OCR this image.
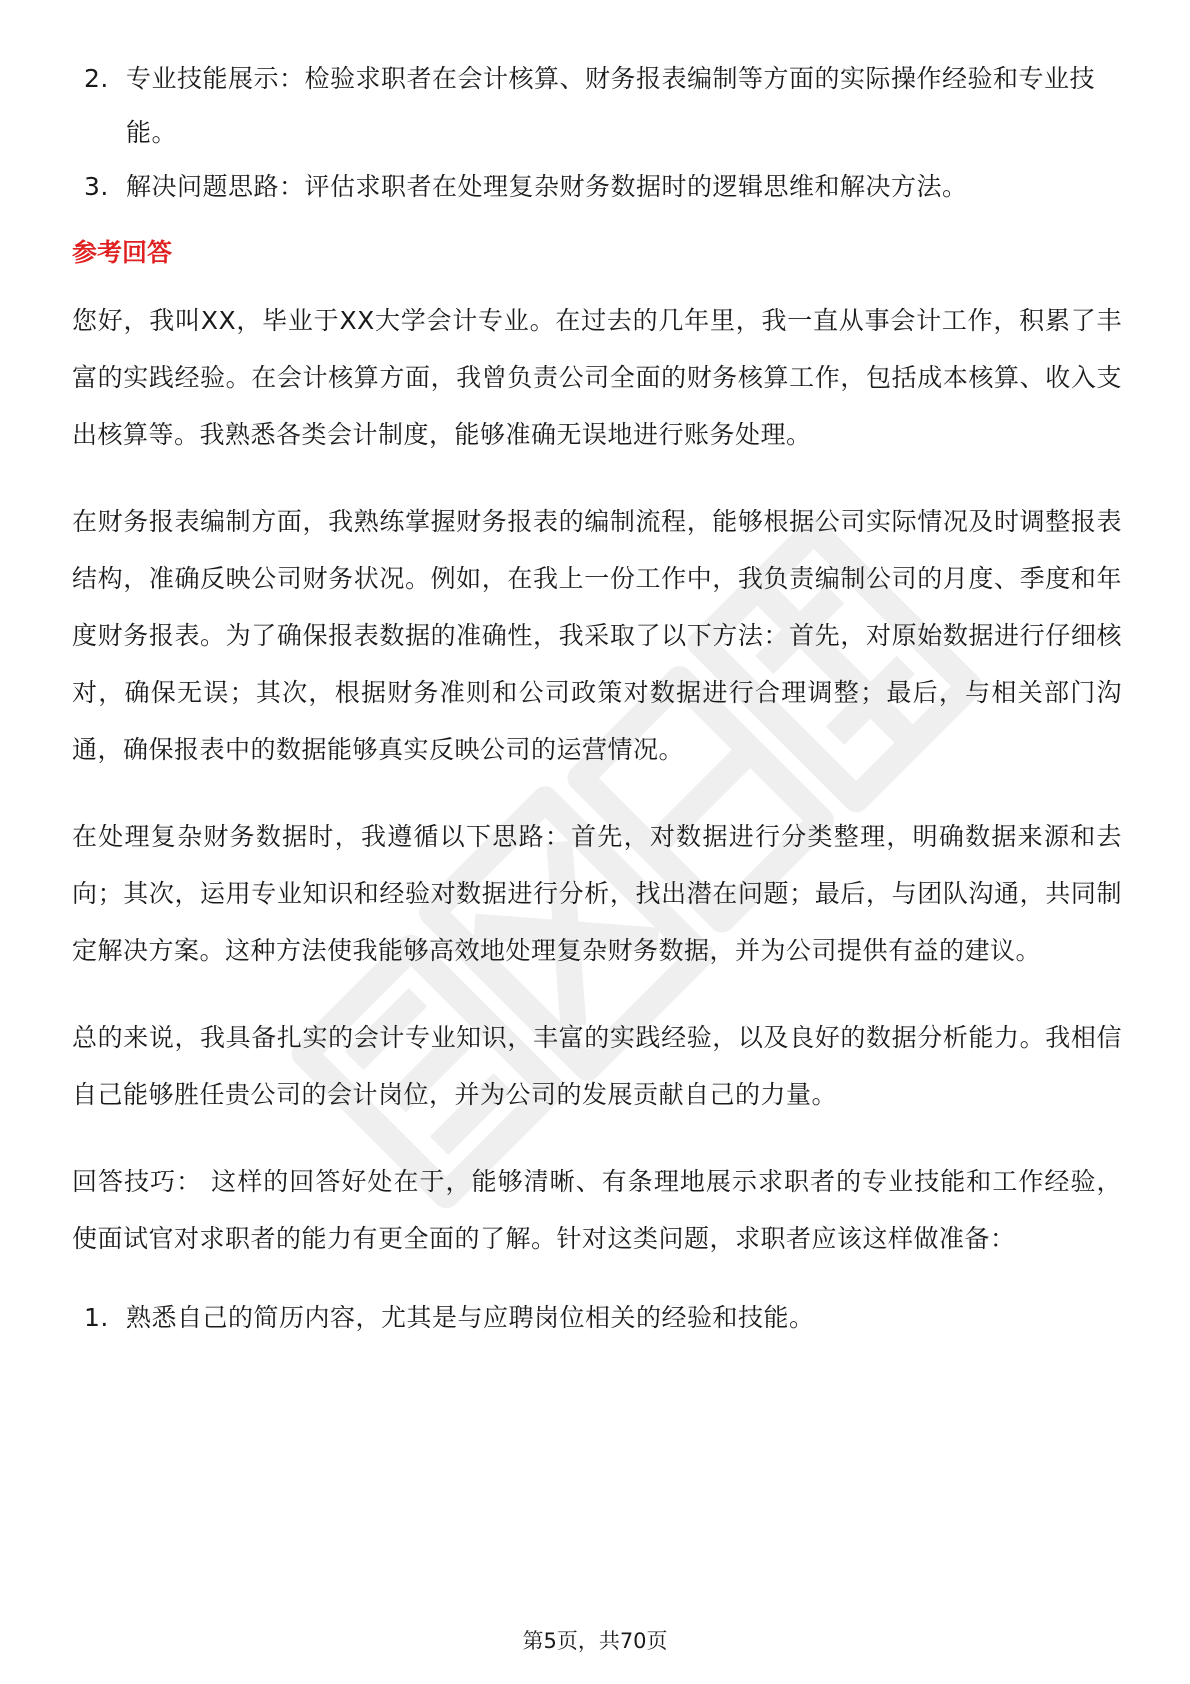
2. 专业技能展示：检验求职者在会计核算、财务报表编制等方面的实际操作经验和专业技能。
3. 解决问题思路：评估求职者在处理复杂财务数据时的逻辑思维和解决方法。
参考回答

您好，我叫XX，毕业于XX大学会计专业。在过去的几年里，我一直从事会计工作，积累了丰富的实践经验。在会计核算方面，我曾负责公司全面的财务核算工作，包括成本核算、收入支出核算等。我熟悉各类会计制度，能够准确无误地进行账务处理。

在财务报表编制方面，我熟练掌握财务报表的编制流程，能够根据公司实际情况及时调整报表结构，准确反映公司财务状况。例如，在我上一份工作中，我负责编制公司的月度、季度和年度财务报表。为了确保报表数据的准确性，我采取了以下方法：首先，对原始数据进行仔细核对，确保无误；其次，根据财务准则和公司政策对数据进行合理调整；最后，与相关部门沟通，确保报表中的数据能够真实反映公司的运营情况。

在处理复杂财务数据时，我遵循以下思路：首先，对数据进行分类整理，明确数据来源和去向；其次，运用专业知识和经验对数据进行分析，找出潜在问题；最后，与团队沟通，共同制定解决方案。这种方法使我能够高效地处理复杂财务数据，并为公司提供有益的建议。

总的来说，我具备扎实的会计专业知识，丰富的实践经验，以及良好的数据分析能力。我相信自己能够胜任贵公司的会计岗位，并为公司的发展贡献自己的力量。

回答技巧： 这样的回答好处在于，能够清晰、有条理地展示求职者的专业技能和工作经验，使面试官对求职者的能力有更全面的了解。针对这类问题，求职者应该这样做准备：

1. 熟悉自己的简历内容，尤其是与应聘岗位相关的经验和技能。
第5页，共70页
